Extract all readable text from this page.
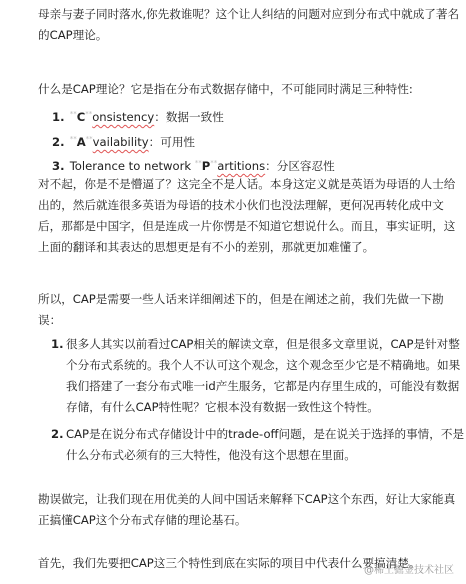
母亲与妻子同时落水,你先救谁呢？这个让人纠结的问题对应到分布式中就成了著名
的CAP理论。
什么是CAP理论？它是指在分布式数据存储中，不可能同时满足三种特性:
1. **C**onsistency：数据一致性
2. **A**vailability：可用性
3. Tolerance to network **P**artitions：分区容忍性
对不起，你是不是懵逼了？这完全不是人话。本身这定义就是英语为母语的人士给
出的，然后就连很多英语为母语的技术小伙们也没法理解，更何况再转化成中文
后，那都是中国字，但是连成一片你愣是不知道它想说什么。而且，事实证明，这
上面的翻译和其表达的思想更是有不小的差别，那就更加难懂了。
所以，CAP是需要一些人话来详细阐述下的，但是在阐述之前，我们先做一下勘
误：
1. 很多人其实以前看过CAP相关的解读文章，但是很多文章里说，CAP是针对整
个分布式系统的。我个人不认可这个观念，这个观念至少它是不精确地。如果
我们搭建了一套分布式唯一id产生服务，它都是内存里生成的，可能没有数据
存储，有什么CAP特性呢？它根本没有数据一致性这个特性。
2. CAP是在说分布式存储设计中的trade-off问题，是在说关于选择的事情，不是
什么分布式必须有的三大特性，他没有这个思想在里面。
勘误做完，让我们现在用优美的人间中国话来解释下CAP这个东西，好让大家能真
正搞懂CAP这个分布式存储的理论基石。
首先，我们先要把CAP这三个特性到底在实际的项目中代表什么要搞清楚。
@稀土掘金技术社区
